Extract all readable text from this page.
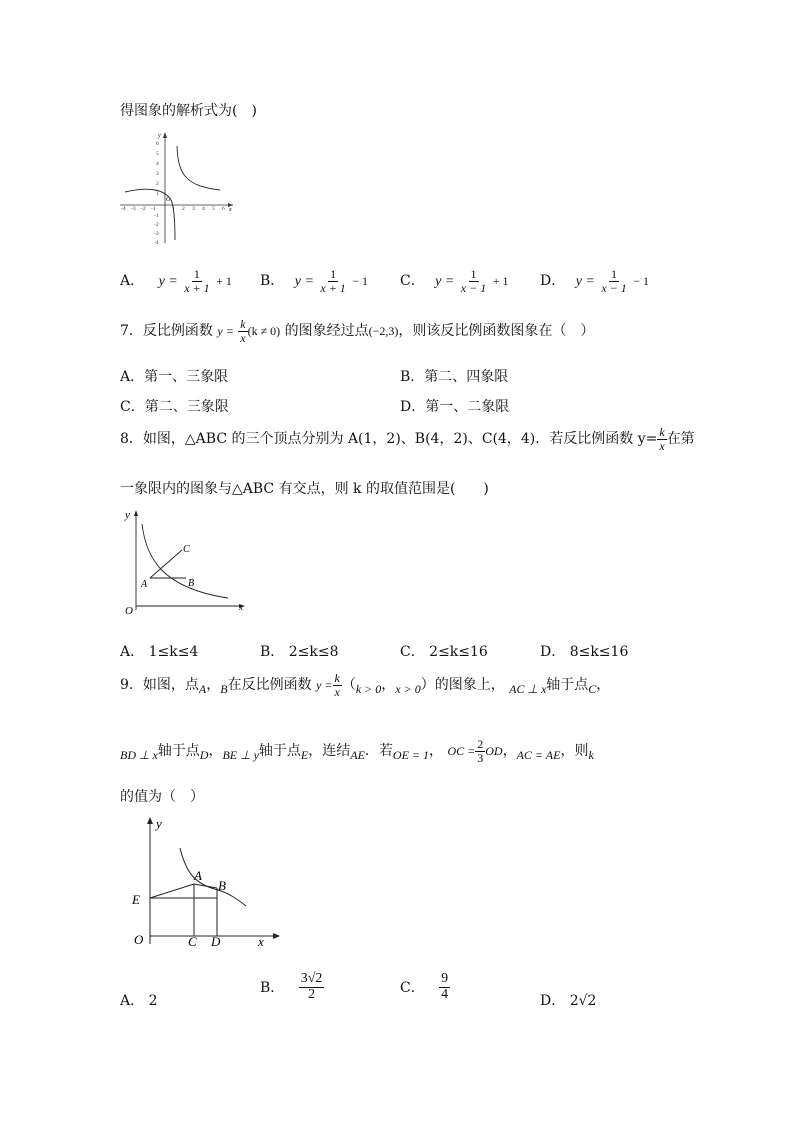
得图象的解析式为(　)
y
x
O
6
5
4
3
2
1
-1
-2
-3
-4
-4 -3 -2 -1	1 2 3 4 5 6
A． $y = \frac{1}{x + 1} + 1$ B． $y = \frac{1}{x + 1} - 1$ C． $y = \frac{1}{x - 1} + 1$ D． $y = \frac{1}{x - 1} - 1$
7．反比例函数 $y = \frac{k}{x} (k \ne 0)$ 的图象经过点(−2,3)，则该反比例函数图象在（　）
A．第一、三象限	B．第二、四象限
C．第二、三象限	D．第一、二象限
8．如图，△ABC 的三个顶点分别为 A(1，2)、B(4，2)、C(4，4)．若反比例函数 $y= \frac{k}{x}$ 在第
一象限内的图象与△ABC 有交点，则 k 的取值范围是(　　)
y
x
O
A	B
C
A． 1≤k≤4	B． 2≤k≤8	C． 2≤k≤16	D． 8≤k≤16
9．如图，点$_A$，$_B$在反比例函数 $y = \frac{k}{x} (_{k > 0}$，$_{x > 0}$）的图象上， $_{AC \perp x}$轴于点$_C$，
$_{BD \perp x}$轴于点$_D$，$_{BE \perp y}$轴于点$_E$，连结$_{AE}$．若$_{OE = 1}$， OC = $\frac{2}{3}$ OD，$_{AC = AE}$，则$_k$
的值为（　）
y
x
O
E
A
B
C D
A． 2
B． $\frac{3√2}{2}$	C． $\frac{9}{4}$	D． 2√2
